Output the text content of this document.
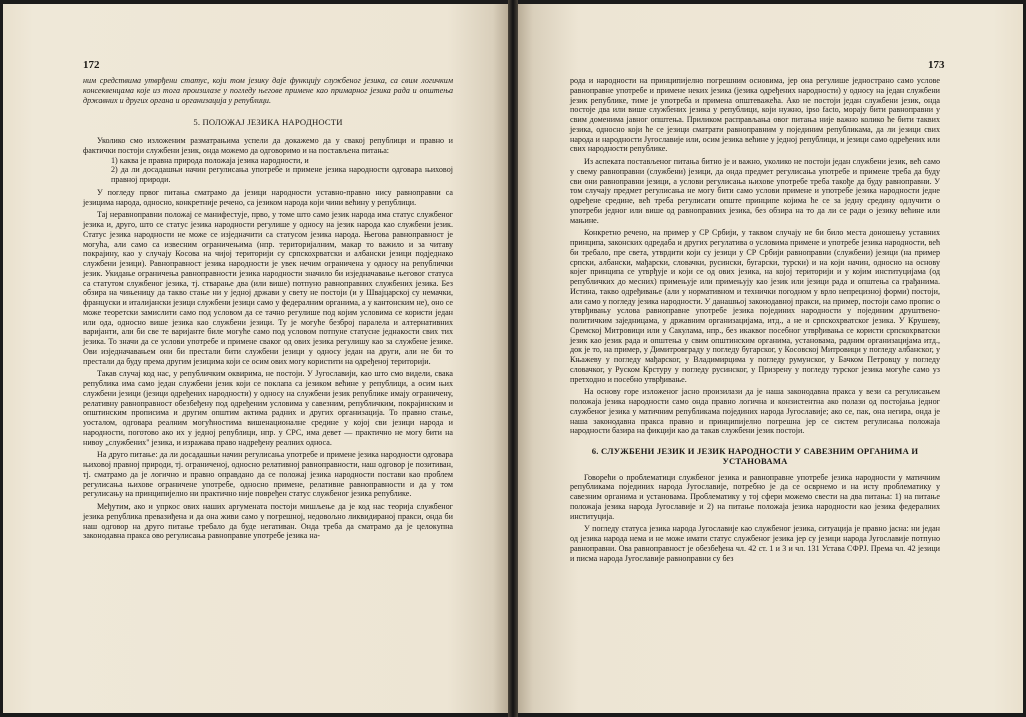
172

ним средствима утврђени статус, који том језику даје функцију службеног језика, са свим логичким консеквенцама које из тога произилазе у погледу његове примене као примарног језика рада и општења државних и других органа и организација у републици.

5. ПОЛОЖАЈ ЈЕЗИКА НАРОДНОСТИ

Уколико смо изложеним разматрањима успели да докажемо да у свакој републици и правно и фактички постоји службени језик, онда можемо да одговоримо и на постављена питања:

1) каква је правна природа положаја језика народности, и

2) да ли досадашњи начин регулисања употребе и примене језика народности одговара њиховој правној природи.

У погледу првог питања сматрамо да језици народности уставно-правно нису равноправни са језицима народа, односно, конкретније речено, са језиком народа који чини већину у републици.

Тај неравноправни положај се манифестује, прво, у томе што само језик народа има статус службеног језика и, друго, што се статус језика народности регулише у односу на језик народа као службени језик. Статус језика народности не може се изједначити са статусом језика народа. Његова равноправност је могућа, али само са извесним ограничењима (нпр. територијалним, макар то важило и за читаву покрајину, као у случају Косова на чијој територији су српскохрватски и албански језици подједнако службени језици). Равноправност језика народности је увек нечим ограничена у односу на републички језик. Укидање ограничења равноправности језика народности значило би изједначавање његовог статуса са статутом службеног језика, тј. стварање два (или више) потпуно равноправних службених језика. Без обзира на чињеницу да такво стање ни у једној држави у свету не постоји (и у Швајцарској су немачки, француски и италијански језици службени језици само у федералним органима, а у кантонским не), оно се може теоретски замислити само под условом да се тачно регулише под којим условима се користи један или ода, односно више језика као службени језици. Ту је могуће безброј паралела и алтернативних варијанти, али би све те варијанте биле могуће само под условом потпуне статусне једнакости свих тих језика. То значи да се услови употребе и примене сваког од ових језика регулишу као за службене језике. Ови изједначавањем они би престали бити службени језици у односу један на други, али не би то престали да буду према другим језицима који се осим ових могу користити на одређеној територији.

Такав случај код нас, у републичким оквирима, не постоји. У Југославији, као што смо видели, свака република има само један службени језик који се поклапа са језиком већине у републици, а осим њих службени језици (језици одређених народности) у односу на службени језик републике имају ограничену, релативну равноправност обезбеђену под одређеним условима у савезним, републичким, покрајинским и општинским прописима и другим општим актима радних и других организација. То правно стање, уосталом, одговара реалним могућностима вишенационалне средине у којој сви језици народа и народности, поготово ако их у једној републици, нпр. у СРС, има девет — практично не могу бити на нивоу „службених" језика, и изражава право надређену реалних односа.

На друго питање: да ли досадашњи начин регулисања употребе и примене језика народности одговара њиховој правној природи, тј. ограниченој, односно релативној равноправности, наш одговор је позитиван, тј. сматрамо да је логично и правно оправдано да се положај језика народности постави као проблем регулисања њихове ограничене употребе, односно примене, релативне равноправности и да у том регулисању на принципијелно ни практично није повређен статус службеног језика републике.

Међутим, ако и упркос ових наших аргумената постоји мишљење да је код нас теорија службеног језика република превазиђена и да она живи само у погрешној, недовољно ликвидираној пракси, онда би наш одговор на друго питање требало да буде негативан. Онда треба да сматрамо да је целокупна законодавна пракса ово регулисања равноправне употребе језика на-

173

рода и народности на принципијелно погрешним основима, јер она регулише једнострано само услове равноправне употребе и примене неких језика (језика одређених народности) у односу на један службени језик републике, тиме је употреба и примена општеважећа. Ако не постоји један службени језик, онда постоје два или више службених језика у републици, који нужно, ipso facto, морају бити равноправни у свим доменима јавног општења. Приликом расправљања овог питања није важно колико ће бити таквих језика, односно који ће се језици сматрати равноправним у појединим републикама, да ли језици свих народа и народности Југославије или, осим језика већине у једној републици, и језици само одређених или свих народности републике.

Из аспеката постављеног питања битно је и важно, уколико не постоји један службени језик, већ само у свему равноправни (службени) језици, да онда предмет регулисања употребе и примене треба да буду сви они равноправни језици, а услови регулисања њихове употребе треба такође да буду равноправни. У том случају предмет регулисања не могу бити само услови примене и употребе језика народности једне одређене средине, већ треба регулисати опште принципе којима ће се за једну средину одлучити о употреби једног или више од равноправних језика, без обзира на то да ли се ради о језику већине или мањине.

Конкретно речено, на пример у СР Србији, у таквом случају не би било места доношењу уставних принципа, законских одредаба и других регулатива о условима примене и употребе језика народности, већ би требало, пре света, утврдити који су језици у СР Србији равноправни (службени) језици (на пример српски, албански, мађарски, словачки, русински, бугарски, турски) и на који начин, односно на основу којег принципа се утврђује и који се од ових језика, на којој територији и у којим институцијама (од републичких до месних) примењује или примењују као језик или језици рада и општења са грађанима. Истина, такво одређивање (али у нормативном и технички погодном у врло непрецизној форми) постоји, али само у погледу језика народности. У данашњој законодавној пракси, на пример, постоји само пропис о утврђивању услова равноправне употребе језика појединих народности у појединим друштвено-политичким заједницама, у државним организацијама, итд., а не и српскохрватског језика. У Крушеву, Сремској Митровици или у Сакулама, нпр., без икаквог посебног утврђивања се користи српскохрватски језик као језик рада и општења у свим општинским органима, установама, радним организацијама итд., док је то, на пример, у Димитровграду у погледу бугарског, у Косовској Митровици у погледу албанског, у Књажеву у погледу мађарског, у Владимирцима у погледу румунског, у Бачком Петровцу у погледу словачког, у Руском Крстуру у погледу русинског, у Призрену у погледу турског језика могуће само уз претходно и посебно утврђивање.

На основу горе изложеног јасно произилази да је наша законодавна пракса у вези са регулисањем положаја језика народности само онда правно логична и конзистентна ако полази од постојања једног службеног језика у матичним републикама појединих народа Југославије; ако се, пак, она негира, онда је наша законодавна пракса правно и принципијелно погрешна јер се систем регулисања положаја народности базира на фикцији као да такав службени језик постоји.

6. СЛУЖБЕНИ ЈЕЗИК И ЈЕЗИК НАРОДНОСТИ У САВЕЗНИМ ОРГАНИМА И УСТАНОВАМА

Говорећи о проблематици службеног језика и равноправне употребе језика народности у матичним републикама појединих народа Југославије, потребно је да се осврнемо и на исту проблематику у савезним органима и установама. Проблематику у тој сфери можемо свести на два питања: 1) на питање положаја језика народа Југославије и 2) на питање положаја језика народности као језика федералних институција.

У погледу статуса језика народа Југославије као службеног језика, ситуација је правно јасна: ни један од језика народа нема и не може имати статус службеног језика јер су језици народа Југославије потпуно равноправни. Ова равноправност је обезбеђена чл. 42 ст. 1 и 3 и чл. 131 Устава СФРЈ. Према чл. 42 језици и писма народа Југославије равноправни су без
